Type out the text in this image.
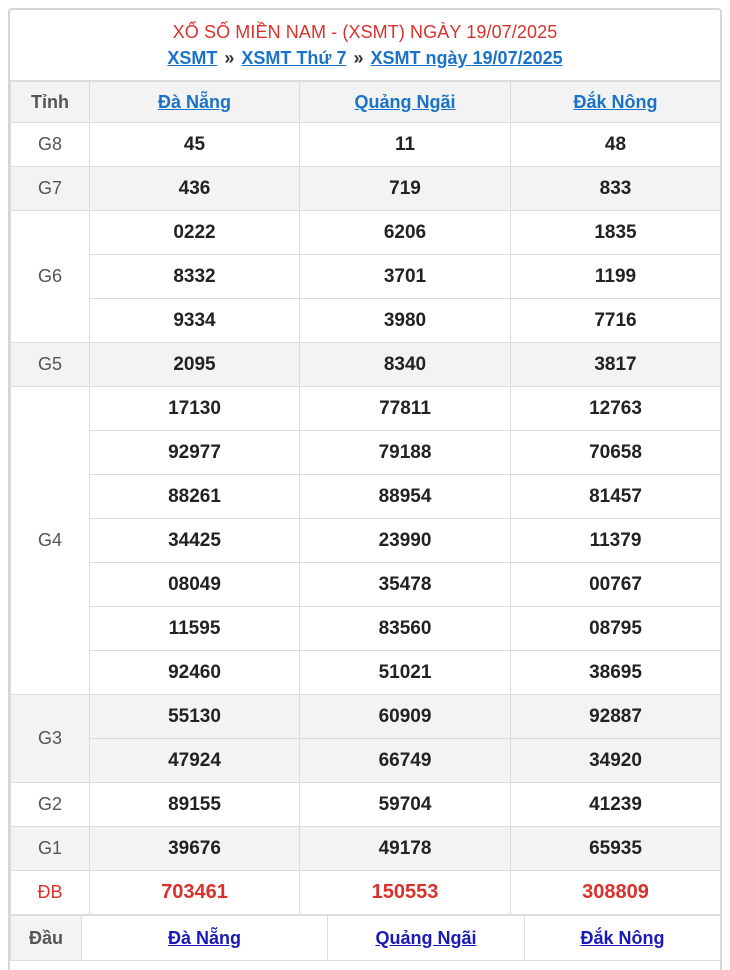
XỔ SỐ MIỀN NAM - (XSMT) NGÀY 19/07/2025
XSMT » XSMT Thứ 7 » XSMT ngày 19/07/2025
Tỉnh	Đà Nẵng	Quảng Ngãi	Đắk Nông
G8	45	11	48
G7	436	719	833
G6	0222	6206	1835
	8332	3701	1199
	9334	3980	7716
G5	2095	8340	3817
G4	17130	77811	12763
	92977	79188	70658
	88261	88954	81457
	34425	23990	11379
	08049	35478	00767
	11595	83560	08795
	92460	51021	38695
G3	55130	60909	92887
	47924	66749	34920
G2	89155	59704	41239
G1	39676	49178	65935
ĐB	703461	150553	308809
Đầu	Đà Nẵng	Quảng Ngãi	Đắk Nông
